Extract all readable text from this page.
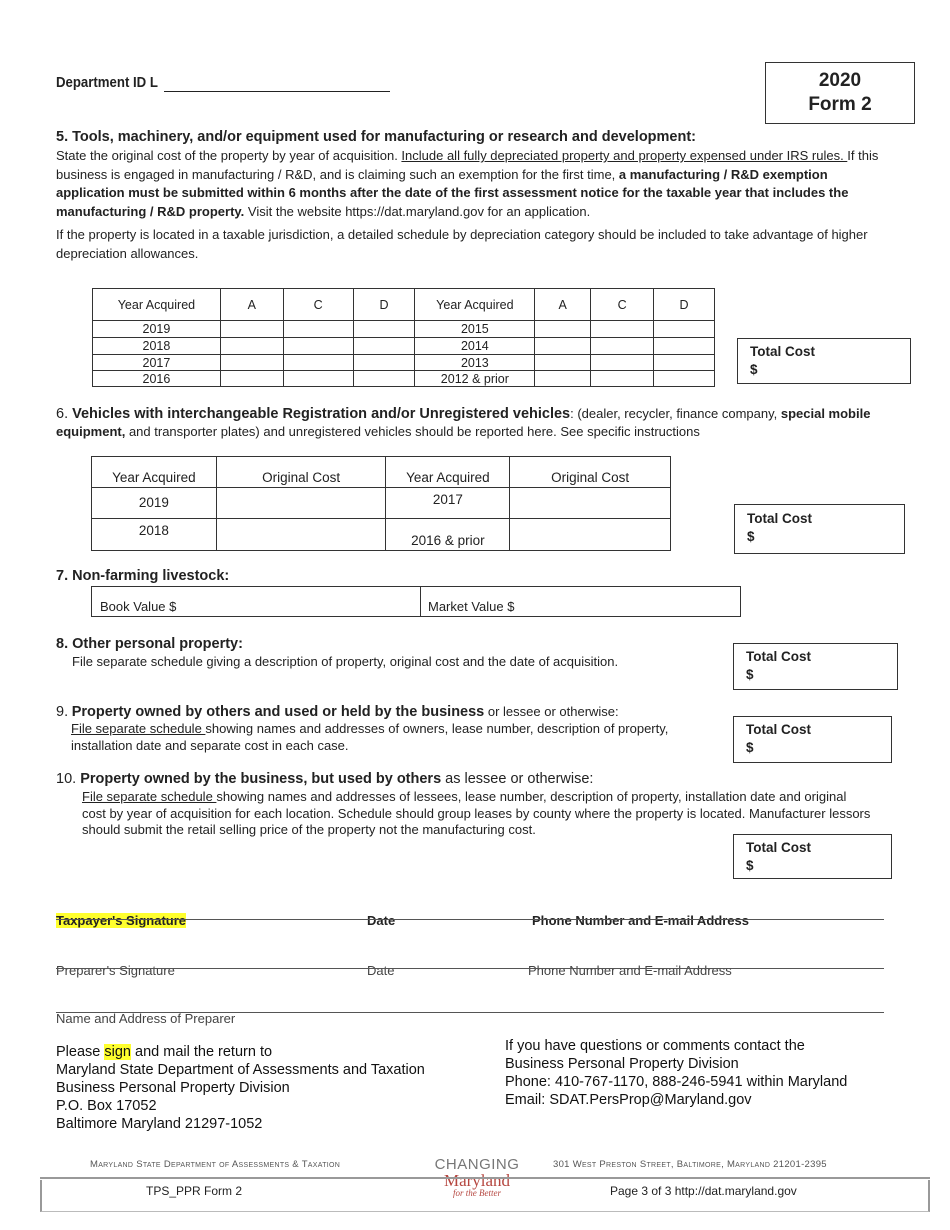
Department ID L	2020
Form 2
5. Tools, machinery, and/or equipment used for manufacturing or research and development:

State the original cost of the property by year of acquisition. Include all fully depreciated property and property expensed under IRS rules. If this business is engaged in manufacturing / R&D, and is claiming such an exemption for the first time, a manufacturing / R&D exemption application must be submitted within 6 months after the date of the first assessment notice for the taxable year that includes the manufacturing / R&D property. Visit the website https://dat.maryland.gov for an application.

If the property is located in a taxable jurisdiction, a detailed schedule by depreciation category should be included to take advantage of higher depreciation allowances.

Year Acquired	A	C	D	Year Acquired	A	C	D
2019				2015			
2018				2014			
2017				2013			
2016				2012 & prior			
Total Cost
$

6. Vehicles with interchangeable Registration and/or Unregistered vehicles: (dealer, recycler, finance company, special mobile equipment, and transporter plates) and unregistered vehicles should be reported here. See specific instructions

Year Acquired	Original Cost	Year Acquired	Original Cost
2019		2017	
2018		2016 & prior	
Total Cost
$
7. Non-farming livestock:
Book Value $	Market Value $
8. Other personal property:
File separate schedule giving a description of property, original cost and the date of acquisition.	Total Cost
$

9. Property owned by others and used or held by the business or lessee or otherwise:

File separate schedule showing names and addresses of owners, lease number, description of property, installation date and separate cost in each case.

Total Cost
$

10. Property owned by the business, but used by others as lessee or otherwise:

File separate schedule showing names and addresses of lessees, lease number, description of property, installation date and original cost by year of acquisition for each location. Schedule should group leases by county where the property is located. Manufacturer lessors should submit the retail selling price of the property not the manufacturing cost.

Total Cost
$
Taxpayer's Signature	Date	Phone Number and E-mail Address
Preparer's Signature	Date	Phone Number and E-mail Address
Name and Address of Preparer
Please sign and mail the return to
Maryland State Department of Assessments and Taxation
Business Personal Property Division
P.O. Box 17052
Baltimore Maryland 21297-1052
If you have questions or comments contact the
Business Personal Property Division
Phone: 410-767-1170, 888-246-5941 within Maryland
Email: SDAT.PersProp@Maryland.gov
Maryland State Department of Assessments & Taxation	CHANGING
Maryland
for the Better
301 West Preston Street, Baltimore, Maryland 21201-2395
TPS_PPR Form 2	Page 3 of 3 http://dat.maryland.gov
